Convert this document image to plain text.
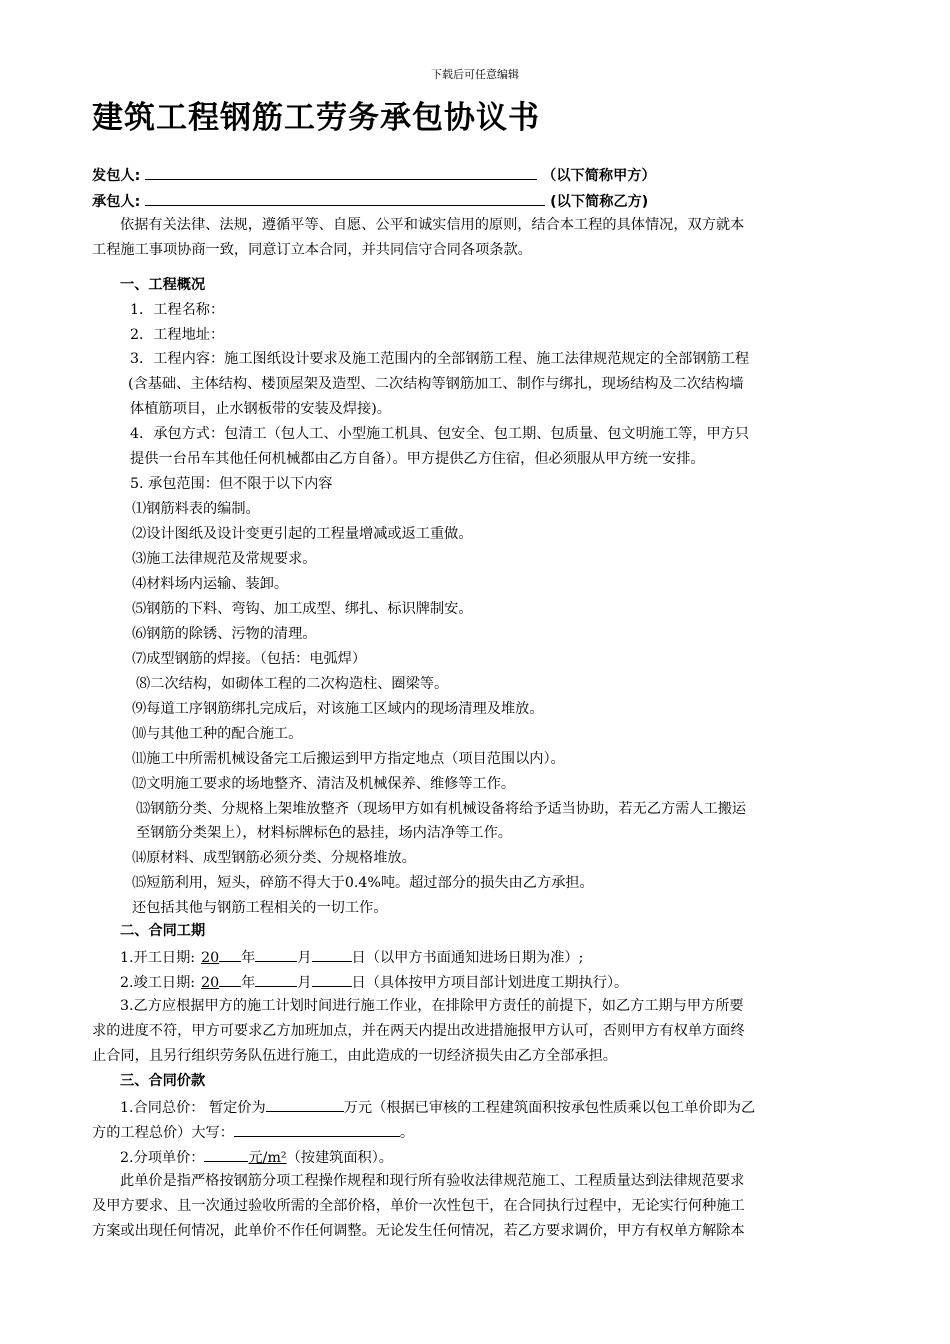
下载后可任意编辑
建筑工程钢筋工劳务承包协议书
发包人:	（以下简称甲方）
承包人:	(以下简称乙方)
依据有关法律、法规，遵循平等、自愿、公平和诚实信用的原则，结合本工程的具体情况，双方就本
工程施工事项协商一致，同意订立本合同，并共同信守合同各项条款。
一、工程概况
1．工程名称：
2．工程地址：
3．工程内容：施工图纸设计要求及施工范围内的全部钢筋工程、施工法律规范规定的全部钢筋工程
(含基础、主体结构、楼顶屋架及造型、二次结构等钢筋加工、制作与绑扎，现场结构及二次结构墙
体植筋项目，止水钢板带的安装及焊接)。
4．承包方式：包清工（包人工、小型施工机具、包安全、包工期、包质量、包文明施工等，甲方只
提供一台吊车其他任何机械都由乙方自备）。甲方提供乙方住宿，但必须服从甲方统一安排。
5. 承包范围：但不限于以下内容
⑴钢筋料表的编制。
⑵设计图纸及设计变更引起的工程量增减或返工重做。
⑶施工法律规范及常规要求。
⑷材料场内运输、装卸。
⑸钢筋的下料、弯钩、加工成型、绑扎、标识牌制安。
⑹钢筋的除锈、污物的清理。
⑺成型钢筋的焊接。（包括：电弧焊）
⑻二次结构，如砌体工程的二次构造柱、圈梁等。
⑼每道工序钢筋绑扎完成后，对该施工区域内的现场清理及堆放。
⑽与其他工种的配合施工。
⑾施工中所需机械设备完工后搬运到甲方指定地点（项目范围以内）。
⑿文明施工要求的场地整齐、清洁及机械保养、维修等工作。
⒀钢筋分类、分规格上架堆放整齐（现场甲方如有机械设备将给予适当协助，若无乙方需人工搬运
至钢筋分类架上），材料标牌标色的悬挂，场内洁净等工作。
⒁原材料、成型钢筋必须分类、分规格堆放。
⒂短筋利用，短头，碎筋不得大于0.4%吨。超过部分的损失由乙方承担。
还包括其他与钢筋工程相关的一切工作。
二、合同工期
1.开工日期: 20 年	月	日（以甲方书面通知进场日期为准）;
2.竣工日期: 20 年	月	日（具体按甲方项目部计划进度工期执行）。
3.乙方应根据甲方的施工计划时间进行施工作业，在排除甲方责任的前提下，如乙方工期与甲方所要
求的进度不符，甲方可要求乙方加班加点，并在两天内提出改进措施报甲方认可，否则甲方有权单方面终
止合同，且另行组织劳务队伍进行施工，由此造成的一切经济损失由乙方全部承担。
三、合同价款
1.合同总价： 暂定价为	万元（根据已审核的工程建筑面积按承包性质乘以包工单价即为乙
方的工程总价）大写：	。
2.分项单价：	元/m²（按建筑面积）。
此单价是指严格按钢筋分项工程操作规程和现行所有验收法律规范施工、工程质量达到法律规范要求
及甲方要求、且一次通过验收所需的全部价格，单价一次性包干，在合同执行过程中，无论实行何种施工
方案或出现任何情况，此单价不作任何调整。无论发生任何情况，若乙方要求调价，甲方有权单方解除本
